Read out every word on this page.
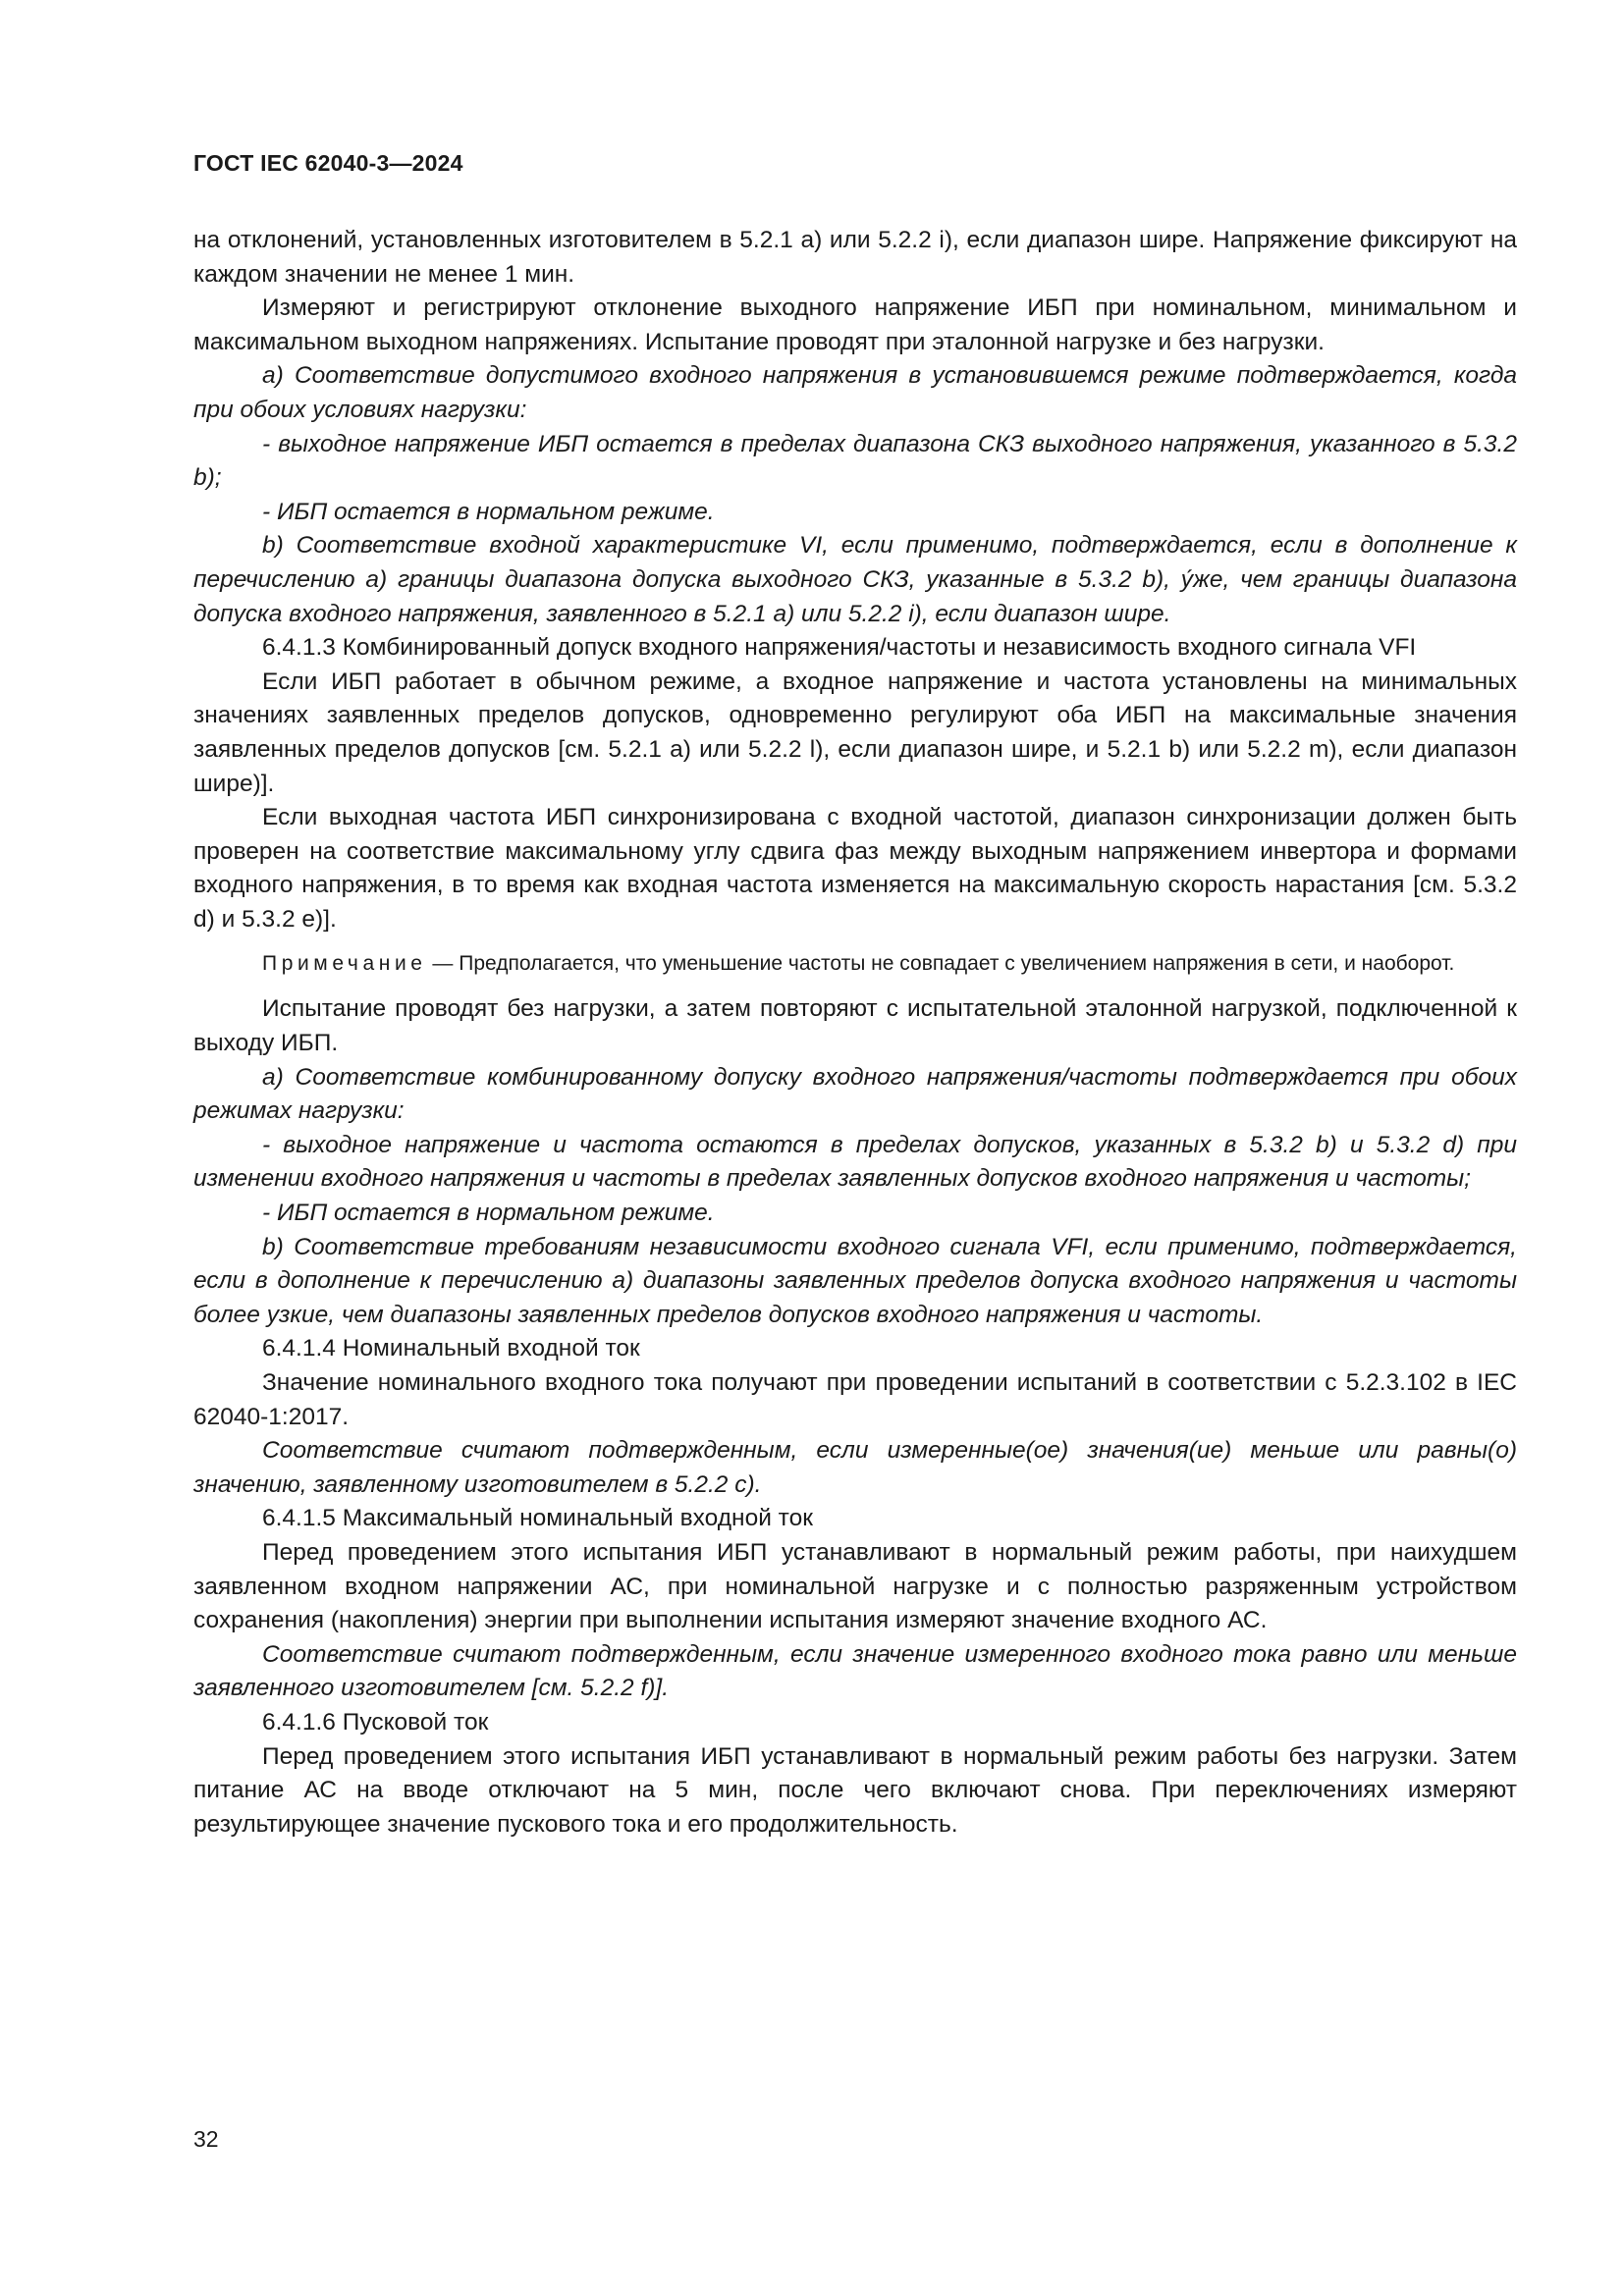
ГОСТ IEC 62040-3—2024

на отклонений, установленных изготовителем в 5.2.1 а) или 5.2.2 i), если диапазон шире. Напряжение фиксируют на каждом значении не менее 1 мин.

Измеряют и регистрируют отклонение выходного напряжение ИБП при номинальном, минимальном и максимальном выходном напряжениях. Испытание проводят при эталонной нагрузке и без нагрузки.

a) Соответствие допустимого входного напряжения в установившемся режиме подтверждается, когда при обоих условиях нагрузки:

- выходное напряжение ИБП остается в пределах диапазона СКЗ выходного напряжения, указанного в 5.3.2 b);

- ИБП остается в нормальном режиме.

b) Соответствие входной характеристике VI, если применимо, подтверждается, если в дополнение к перечислению а) границы диапазона допуска выходного СКЗ, указанные в 5.3.2 b), у́же, чем границы диапазона допуска входного напряжения, заявленного в 5.2.1 а) или 5.2.2 i), если диапазон шире.

6.4.1.3 Комбинированный допуск входного напряжения/частоты и независимость входного сигнала VFI

Если ИБП работает в обычном режиме, а входное напряжение и частота установлены на минимальных значениях заявленных пределов допусков, одновременно регулируют оба ИБП на максимальные значения заявленных пределов допусков [см. 5.2.1 а) или 5.2.2 l), если диапазон шире, и 5.2.1 b) или 5.2.2 m), если диапазон шире)].

Если выходная частота ИБП синхронизирована с входной частотой, диапазон синхронизации должен быть проверен на соответствие максимальному углу сдвига фаз между выходным напряжением инвертора и формами входного напряжения, в то время как входная частота изменяется на максимальную скорость нарастания [см. 5.3.2 d) и 5.3.2 е)].

Примечание — Предполагается, что уменьшение частоты не совпадает с увеличением напряжения в сети, и наоборот.

Испытание проводят без нагрузки, а затем повторяют с испытательной эталонной нагрузкой, подключенной к выходу ИБП.

a) Соответствие комбинированному допуску входного напряжения/частоты подтверждается при обоих режимах нагрузки:

- выходное напряжение и частота остаются в пределах допусков, указанных в 5.3.2 b) и 5.3.2 d) при изменении входного напряжения и частоты в пределах заявленных допусков входного напряжения и частоты;

- ИБП остается в нормальном режиме.

b) Соответствие требованиям независимости входного сигнала VFI, если применимо, подтверждается, если в дополнение к перечислению а) диапазоны заявленных пределов допуска входного напряжения и частоты более узкие, чем диапазоны заявленных пределов допусков входного напряжения и частоты.

6.4.1.4 Номинальный входной ток

Значение номинального входного тока получают при проведении испытаний в соответствии с 5.2.3.102 в IEC 62040-1:2017.

Соответствие считают подтвержденным, если измеренные(ое) значения(ие) меньше или равны(о) значению, заявленному изготовителем в 5.2.2 с).

6.4.1.5 Максимальный номинальный входной ток

Перед проведением этого испытания ИБП устанавливают в нормальный режим работы, при наихудшем заявленном входном напряжении АС, при номинальной нагрузке и с полностью разряженным устройством сохранения (накопления) энергии при выполнении испытания измеряют значение входного АС.

Соответствие считают подтвержденным, если значение измеренного входного тока равно или меньше заявленного изготовителем [см. 5.2.2 f)].

6.4.1.6 Пусковой ток

Перед проведением этого испытания ИБП устанавливают в нормальный режим работы без нагрузки. Затем питание АС на вводе отключают на 5 мин, после чего включают снова. При переключениях измеряют результирующее значение пускового тока и его продолжительность.

32
